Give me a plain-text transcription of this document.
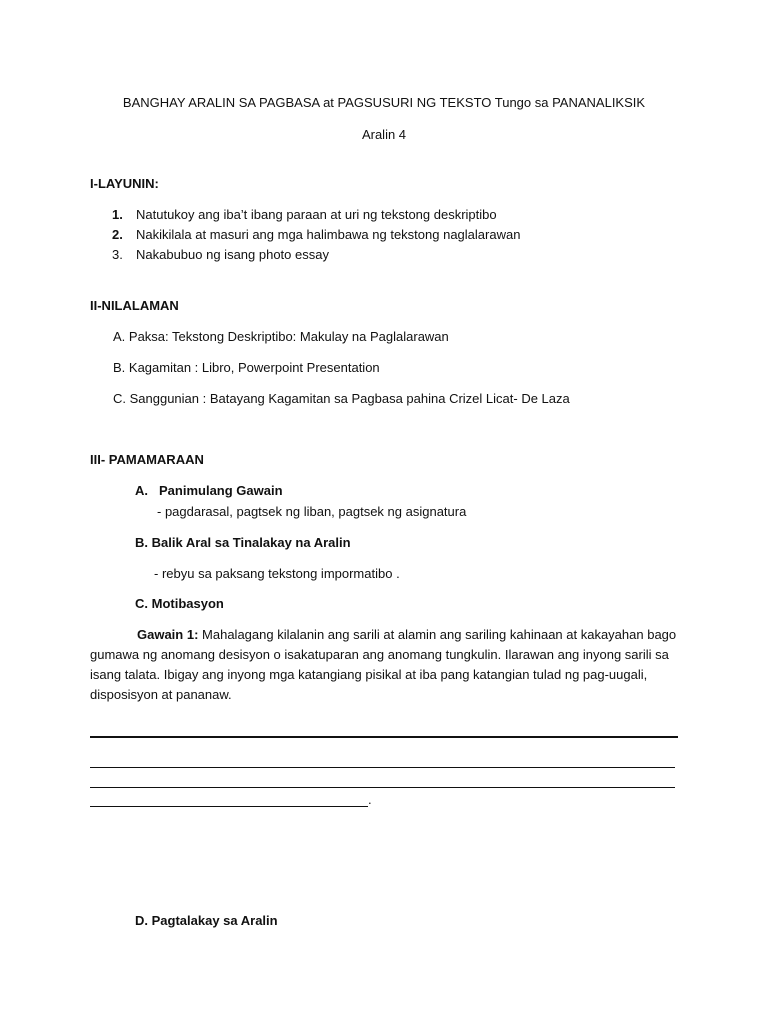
BANGHAY ARALIN SA PAGBASA at PAGSUSURI NG TEKSTO Tungo sa PANANALIKSIK
Aralin 4
I-LAYUNIN:
1. Natutukoy ang iba’t ibang paraan at uri ng tekstong deskriptibo
2. Nakikilala at masuri ang mga halimbawa ng tekstong naglalarawan
3. Nakabubuo ng isang photo essay
II-NILALAMAN
A. Paksa: Tekstong Deskriptibo: Makulay na Paglalarawan
B. Kagamitan : Libro, Powerpoint Presentation
C. Sanggunian : Batayang Kagamitan sa Pagbasa pahina Crizel Licat- De Laza
III- PAMAMARAAN
A. Panimulang Gawain
- pagdarasal, pagtsek ng liban, pagtsek ng asignatura
B. Balik Aral sa Tinalakay na Aralin
- rebyu sa paksang tekstong impormatibo .
C. Motibasyon
Gawain 1: Mahalagang kilalanin ang sarili at alamin ang sariling kahinaan at kakayahan bago gumawa ng anomang desisyon o isakatuparan ang anomang tungkulin. Ilarawan ang inyong sarili sa isang talata. Ibigay ang inyong mga katangiang pisikal at iba pang katangian tulad ng pag-uugali, disposisyon at pananaw.
.
D. Pagtalakay sa Aralin
